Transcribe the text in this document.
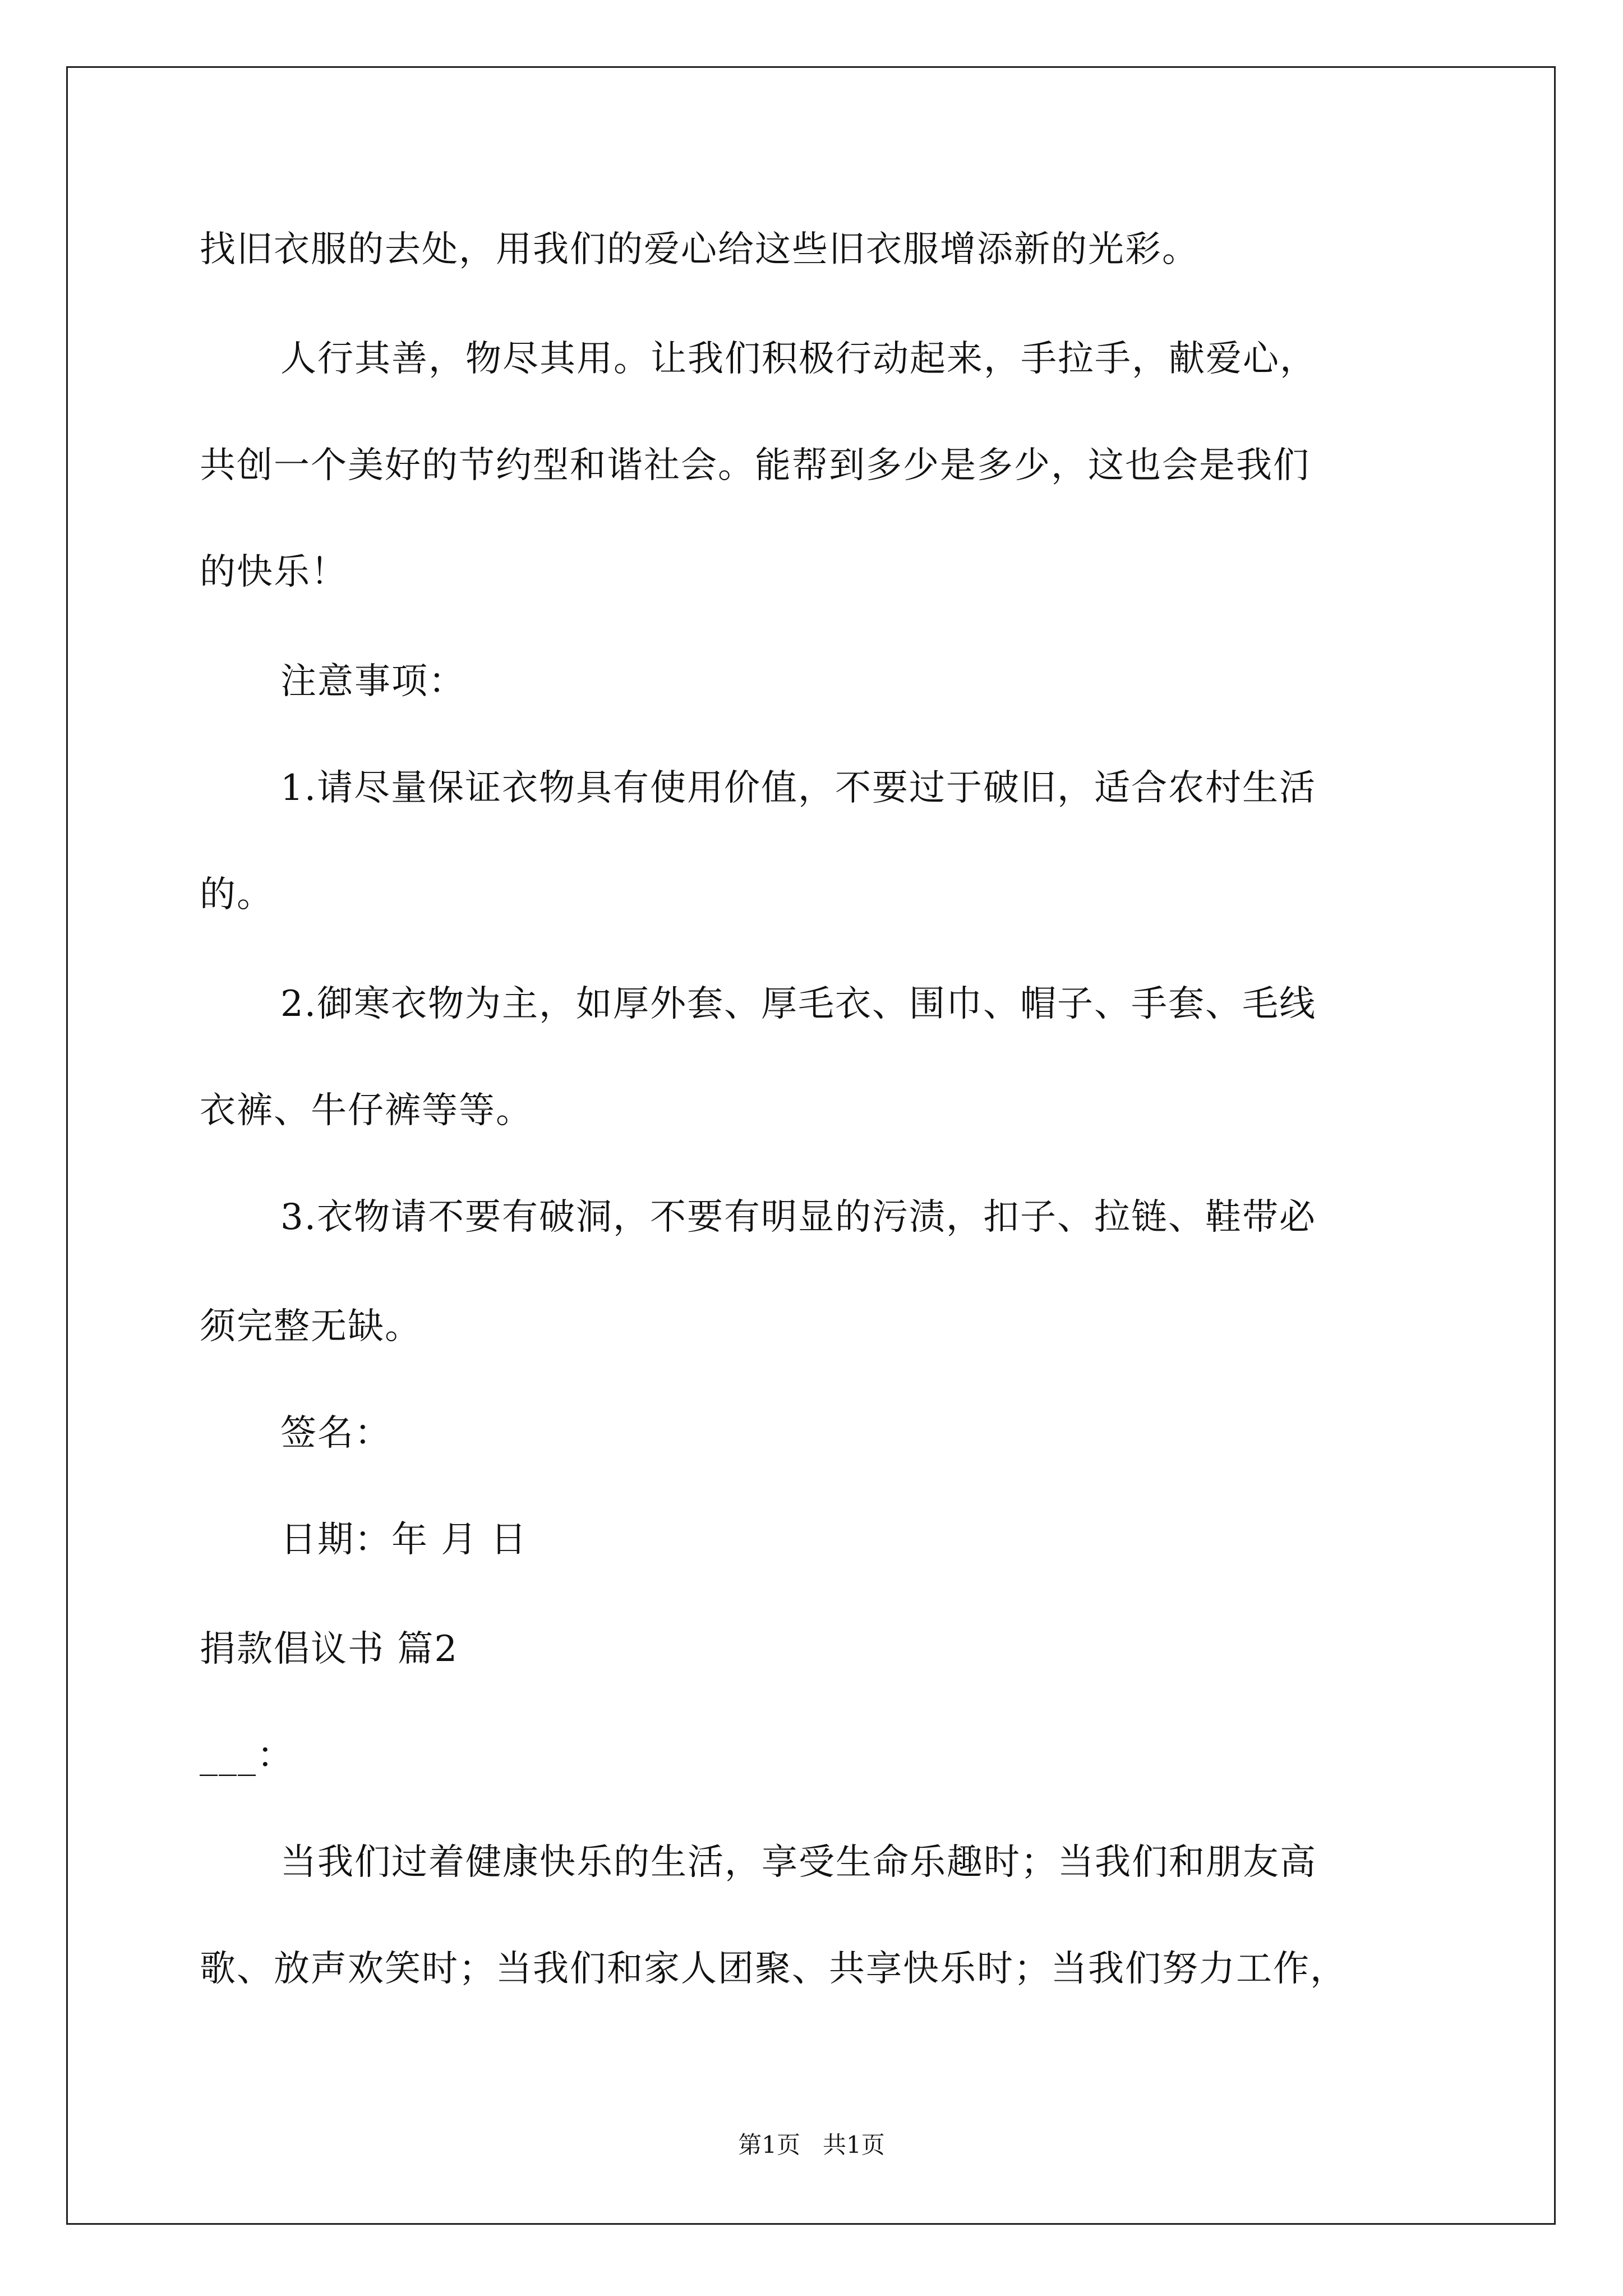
找旧衣服的去处，用我们的爱心给这些旧衣服增添新的光彩。
人行其善，物尽其用。让我们积极行动起来，手拉手，献爱心，
共创一个美好的节约型和谐社会。能帮到多少是多少，这也会是我们
的快乐！
注意事项：
1.请尽量保证衣物具有使用价值，不要过于破旧，适合农村生活
的。
2.御寒衣物为主，如厚外套、厚毛衣、围巾、帽子、手套、毛线
衣裤、牛仔裤等等。
3.衣物请不要有破洞，不要有明显的污渍，扣子、拉链、鞋带必
须完整无缺。
签名：
日期：年 月 日
捐款倡议书 篇2
___：
当我们过着健康快乐的生活，享受生命乐趣时；当我们和朋友高
歌、放声欢笑时；当我们和家人团聚、共享快乐时；当我们努力工作，
第1页   共1页
